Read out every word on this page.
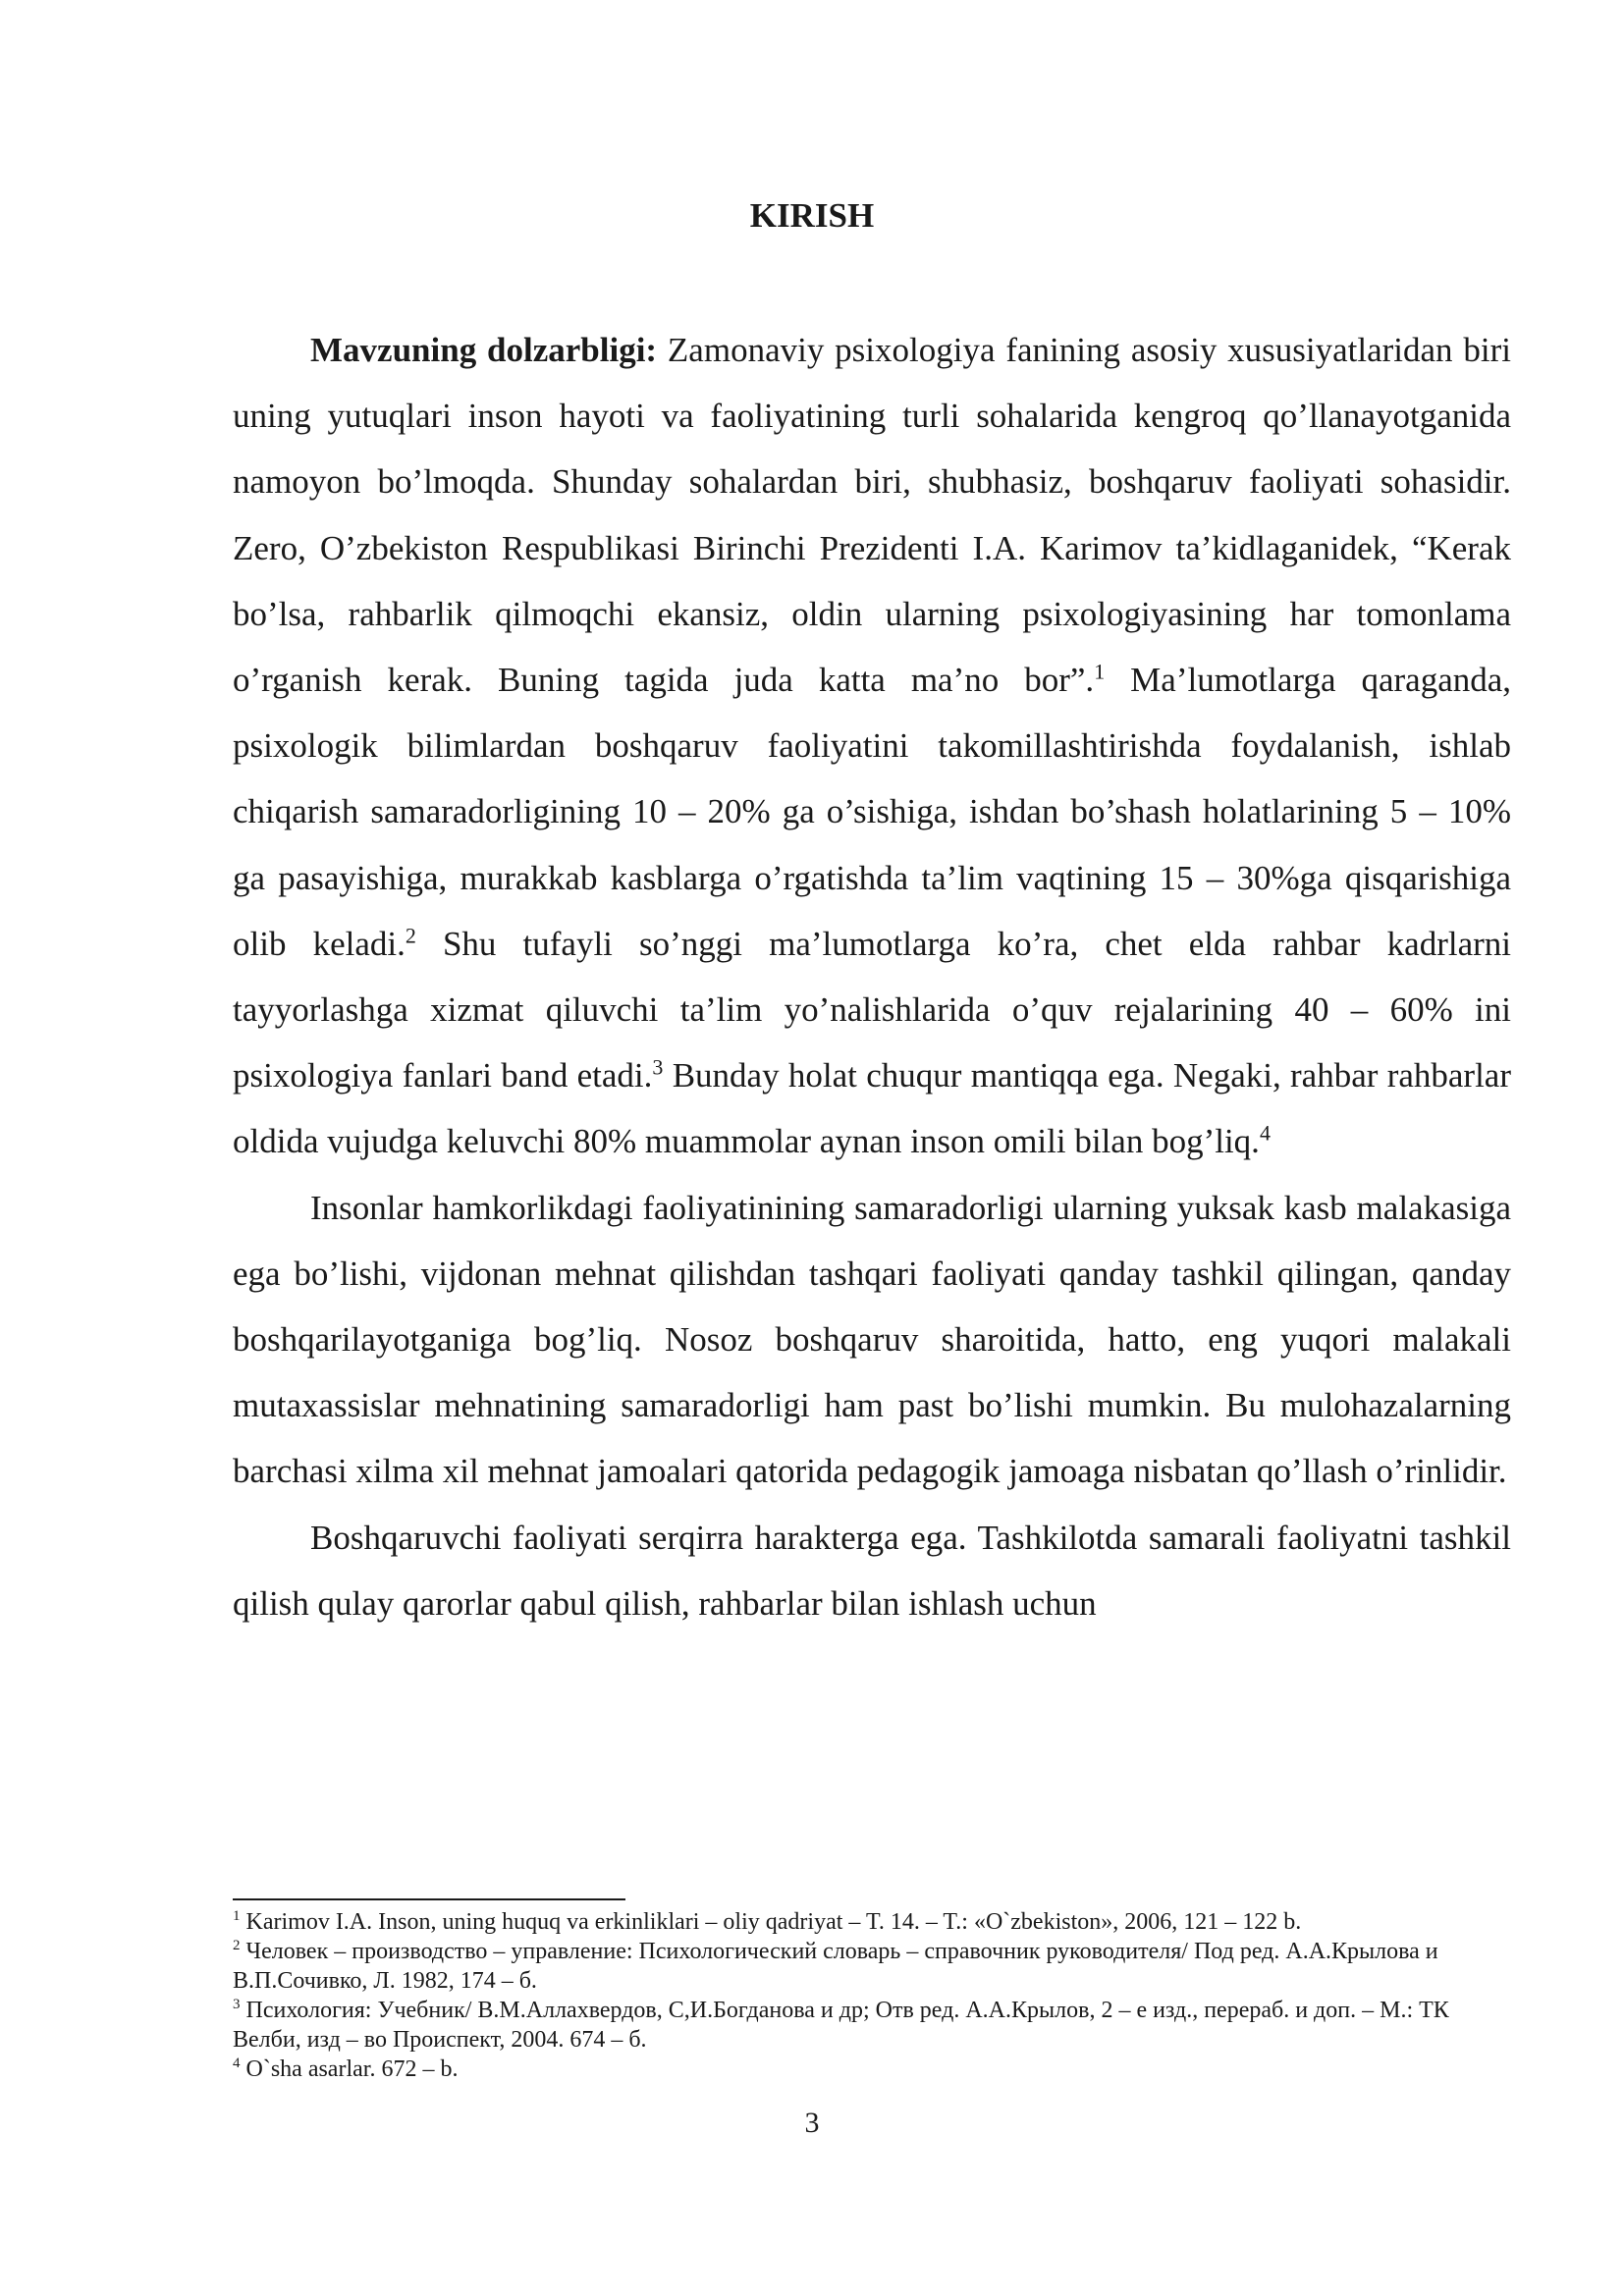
KIRISH

Mavzuning dolzarbligi: Zamonaviy psixologiya fanining asosiy xususiyatlaridan biri uning yutuqlari inson hayoti va faoliyatining turli sohalarida kengroq qo’llanayotganida namoyon bo’lmoqda. Shunday sohalardan biri, shubhasiz, boshqaruv faoliyati sohasidir. Zero, O’zbekiston Respublikasi Birinchi Prezidenti I.A. Karimov ta’kidlaganidek, “Kerak bo’lsa, rahbarlik qilmoqchi ekansiz, oldin ularning psixologiyasining har tomonlama o’rganish kerak. Buning tagida juda katta ma’no bor”.$^1$ Ma’lumotlarga qaraganda, psixologik bilimlardan boshqaruv faoliyatini takomillashtirishda foydalanish, ishlab chiqarish samaradorligining 10 – 20% ga o’sishiga, ishdan bo’shash holatlarining 5 – 10% ga pasayishiga, murakkab kasblarga o’rgatishda ta’lim vaqtining 15 – 30%ga qisqarishiga olib keladi.$^2$ Shu tufayli so’nggi ma’lumotlarga ko’ra, chet elda rahbar kadrlarni tayyorlashga xizmat qiluvchi ta’lim yo’nalishlarida o’quv rejalarining 40 – 60% ini psixologiya fanlari band etadi.$^3$ Bunday holat chuqur mantiqqa ega. Negaki, rahbar rahbarlar oldida vujudga keluvchi 80% muammolar aynan inson omili bilan bog’liq.$^4$

Insonlar hamkorlikdagi faoliyatinining samaradorligi ularning yuksak kasb malakasiga ega bo’lishi, vijdonan mehnat qilishdan tashqari faoliyati qanday tashkil qilingan, qanday boshqarilayotganiga bog’liq. Nosoz boshqaruv sharoitida, hatto, eng yuqori malakali mutaxassislar mehnatining samaradorligi ham past bo’lishi mumkin. Bu mulohazalarning barchasi xilma xil mehnat jamoalari qatorida pedagogik jamoaga nisbatan qo’llash o’rinlidir.

Boshqaruvchi faoliyati serqirra harakterga ega. Tashkilotda samarali faoliyatni tashkil qilish qulay qarorlar qabul qilish, rahbarlar bilan ishlash uchun

$^1$ Karimov I.A. Inson, uning huquq va erkinliklari – oliy qadriyat – T. 14. – T.: «O`zbekiston», 2006, 121 – 122 b.
$^2$ Человек – производство – управление: Психологический словарь – справочник руководителя/ Под ред. А.А.Крылова и В.П.Сочивко, Л. 1982, 174 – б.
$^3$ Психология: Учебник/ В.М.Аллахвердов, С,И.Богданова и др; Отв ред. А.А.Крылов, 2 – е изд., перераб. и доп. – М.: ТК Велби, изд – во Происпект, 2004. 674 – б.
$^4$ O`sha asarlar. 672 – b.
3
